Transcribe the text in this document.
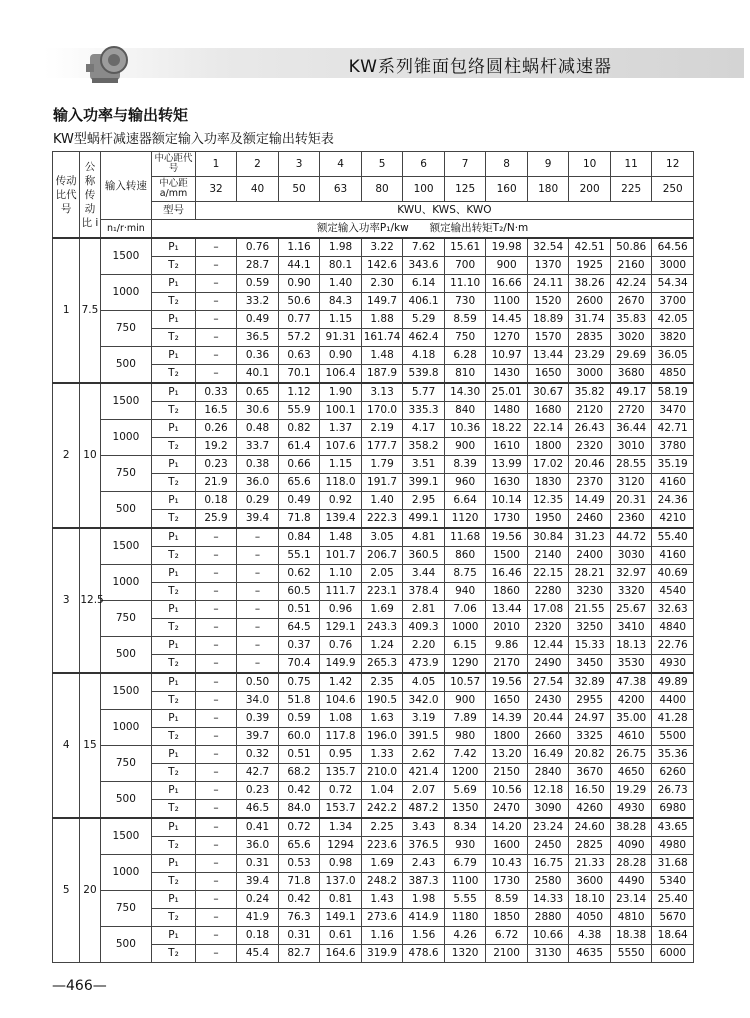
KW系列锥面包络圆柱蜗杆减速器
输入功率与输出转矩
KW型蜗杆减速器额定输入功率及额定输出转矩表
传动比代号	公称传动比 i	输入转速	中心距代号	1	2	3	4	5	6	7	8	9	10	11	12
			中心距 a/mm	32	40	50	63	80	100	125	160	180	200	225	250
			型号	KWU、KWS、KWO											
		n₁/r·min	额定输入功率P₁/kw　　额定输出转矩T₂/N·m												
1	7.5	1500	P₁	–	0.76	1.16	1.98	3.22	7.62	15.61	19.98	32.54	42.51	50.86	64.56
			T₂	–	28.7	44.1	80.1	142.6	343.6	700	900	1370	1925	2160	3000
		1000	P₁	–	0.59	0.90	1.40	2.30	6.14	11.10	16.66	24.11	38.26	42.24	54.34
			T₂	–	33.2	50.6	84.3	149.7	406.1	730	1100	1520	2600	2670	3700
		750	P₁	–	0.49	0.77	1.15	1.88	5.29	8.59	14.45	18.89	31.74	35.83	42.05
			T₂	–	36.5	57.2	91.31	161.74	462.4	750	1270	1570	2835	3020	3820
		500	P₁	–	0.36	0.63	0.90	1.48	4.18	6.28	10.97	13.44	23.29	29.69	36.05
			T₂	–	40.1	70.1	106.4	187.9	539.8	810	1430	1650	3000	3680	4850
2	10	1500	P₁	0.33	0.65	1.12	1.90	3.13	5.77	14.30	25.01	30.67	35.82	49.17	58.19
			T₂	16.5	30.6	55.9	100.1	170.0	335.3	840	1480	1680	2120	2720	3470
		1000	P₁	0.26	0.48	0.82	1.37	2.19	4.17	10.36	18.22	22.14	26.43	36.44	42.71
			T₂	19.2	33.7	61.4	107.6	177.7	358.2	900	1610	1800	2320	3010	3780
		750	P₁	0.23	0.38	0.66	1.15	1.79	3.51	8.39	13.99	17.02	20.46	28.55	35.19
			T₂	21.9	36.0	65.6	118.0	191.7	399.1	960	1630	1830	2370	3120	4160
		500	P₁	0.18	0.29	0.49	0.92	1.40	2.95	6.64	10.14	12.35	14.49	20.31	24.36
			T₂	25.9	39.4	71.8	139.4	222.3	499.1	1120	1730	1950	2460	2360	4210
3	12.5	1500	P₁	–	–	0.84	1.48	3.05	4.81	11.68	19.56	30.84	31.23	44.72	55.40
			T₂	–	–	55.1	101.7	206.7	360.5	860	1500	2140	2400	3030	4160
		1000	P₁	–	–	0.62	1.10	2.05	3.44	8.75	16.46	22.15	28.21	32.97	40.69
			T₂	–	–	60.5	111.7	223.1	378.4	940	1860	2280	3230	3320	4540
		750	P₁	–	–	0.51	0.96	1.69	2.81	7.06	13.44	17.08	21.55	25.67	32.63
			T₂	–	–	64.5	129.1	243.3	409.3	1000	2010	2320	3250	3410	4840
		500	P₁	–	–	0.37	0.76	1.24	2.20	6.15	9.86	12.44	15.33	18.13	22.76
			T₂	–	–	70.4	149.9	265.3	473.9	1290	2170	2490	3450	3530	4930
4	15	1500	P₁	–	0.50	0.75	1.42	2.35	4.05	10.57	19.56	27.54	32.89	47.38	49.89
			T₂	–	34.0	51.8	104.6	190.5	342.0	900	1650	2430	2955	4200	4400
		1000	P₁	–	0.39	0.59	1.08	1.63	3.19	7.89	14.39	20.44	24.97	35.00	41.28
			T₂	–	39.7	60.0	117.8	196.0	391.5	980	1800	2660	3325	4610	5500
		750	P₁	–	0.32	0.51	0.95	1.33	2.62	7.42	13.20	16.49	20.82	26.75	35.36
			T₂	–	42.7	68.2	135.7	210.0	421.4	1200	2150	2840	3670	4650	6260
		500	P₁	–	0.23	0.42	0.72	1.04	2.07	5.69	10.56	12.18	16.50	19.29	26.73
			T₂	–	46.5	84.0	153.7	242.2	487.2	1350	2470	3090	4260	4930	6980
5	20	1500	P₁	–	0.41	0.72	1.34	2.25	3.43	8.34	14.20	23.24	24.60	38.28	43.65
			T₂	–	36.0	65.6	1294	223.6	376.5	930	1600	2450	2825	4090	4980
		1000	P₁	–	0.31	0.53	0.98	1.69	2.43	6.79	10.43	16.75	21.33	28.28	31.68
			T₂	–	39.4	71.8	137.0	248.2	387.3	1100	1730	2580	3600	4490	5340
		750	P₁	–	0.24	0.42	0.81	1.43	1.98	5.55	8.59	14.33	18.10	23.14	25.40
			T₂	–	41.9	76.3	149.1	273.6	414.9	1180	1850	2880	4050	4810	5670
		500	P₁	–	0.18	0.31	0.61	1.16	1.56	4.26	6.72	10.66	4.38	18.38	18.64
			T₂	–	45.4	82.7	164.6	319.9	478.6	1320	2100	3130	4635	5550	6000
—466—
